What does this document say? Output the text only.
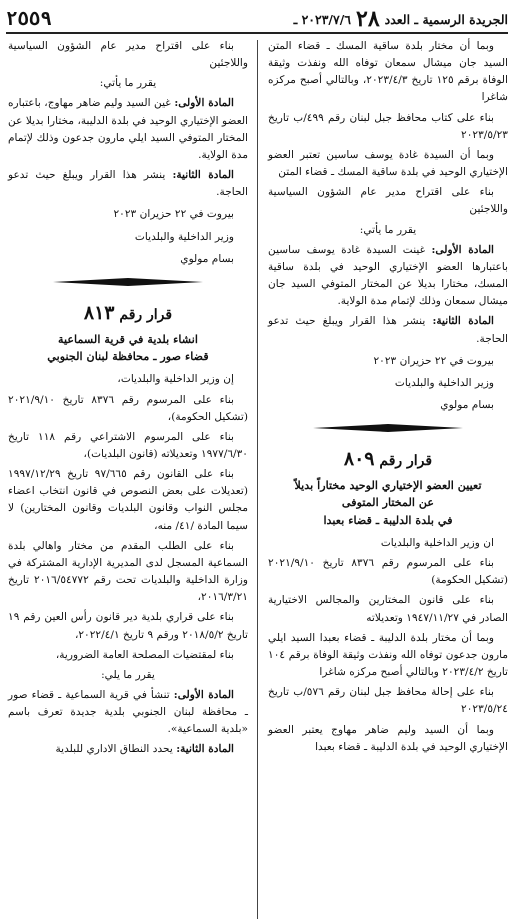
الجريدة الرسمية ـ العدد
٢٨
٢٠٢٣/٧/٦ ـ
٢٥٥٩

وبما أن مختار بلدة ساقية المسك ـ قضاء المتن السيد جان ميشال سمعان توفاه الله ونفذت وثيقة الوفاة برقم ١٢٥ تاريخ ٢٠٢٣/٤/٣، وبالتالي أصبح مركزه شاغرا

بناء على كتاب محافظ جبل لبنان رقم ٤٩٩/ب تاريخ ٢٠٢٣/٥/٢٣

وبما أن السيدة غادة يوسف ساسين تعتبر العضو الإختياري الوحيد في بلدة ساقية المسك ـ قضاء المتن

بناء على اقتراح مدير عام الشؤون السياسية واللاجئين

يقرر ما يأتي:

المادة الأولى: غينت السيدة غادة يوسف ساسين باعتبارها العضو الإختياري الوحيد في بلدة ساقية المسك، مختارا بديلا عن المختار المتوفي السيد جان ميشال سمعان وذلك لإتمام مدة الولاية.

المادة الثانية: ينشر هذا القرار ويبلغ حيث تدعو الحاجة.

بيروت في ٢٢ حزيران ٢٠٢٣

وزير الداخلية والبلديات

بسام مولوي

قرار رقم ٨٠٩

تعيين العضو الإختياري الوحيد مختاراً بديلاً
عن المختار المتوفى
في بلدة الدليبة ـ قضاء بعبدا

ان وزير الداخلية والبلديات

بناء على المرسوم رقم ٨٣٧٦ تاريخ ٢٠٢١/٩/١٠ (تشكيل الحكومة)

بناء على قانون المختارين والمجالس الاختيارية الصادر في ١٩٤٧/١١/٢٧ وتعديلاته

وبما أن مختار بلدة الدليبة ـ قضاء بعبدا السيد ايلي مارون جدعون توفاه الله ونفذت وثيقة الوفاة برقم ١٠٤ تاريخ ٢٠٢٣/٤/٢ وبالتالي أصبح مركزه شاغرا

بناء على إحالة محافظ جبل لبنان رقم ٥٧٦/ب تاريخ ٢٠٢٣/٥/٢٤

وبما أن السيد وليم ضاهر مهاوج يعتبر العضو الإختياري الوحيد في بلدة الدليبة ـ قضاء بعبدا

بناء على اقتراح مدير عام الشؤون السياسية واللاجئين

يقرر ما يأتي:

المادة الأولى: غين السيد وليم ضاهر مهاوج، باعتباره العضو الإختياري الوحيد في بلدة الدليبة، مختارا بديلا عن المختار المتوفي السيد ايلي مارون جدعون وذلك لإتمام مدة الولاية.

المادة الثانية: ينشر هذا القرار ويبلغ حيث تدعو الحاجة.

بيروت في ٢٢ حزيران ٢٠٢٣

وزير الداخلية والبلديات

بسام مولوي

قرار رقم ٨١٣

انشاء بلدية في قرية السماعية
قضاء صور ـ محافظة لبنان الجنوبي

إن وزير الداخلية والبلديات،

بناء على المرسوم رقم ٨٣٧٦ تاريخ ٢٠٢١/٩/١٠ (تشكيل الحكومة)،

بناء على المرسوم الاشتراعي رقم ١١٨ تاريخ ١٩٧٧/٦/٣٠ وتعديلاته (قانون البلديات)،

بناء على القانون رقم ٩٧/٦٦٥ تاريخ ١٩٩٧/١٢/٢٩ (تعديلات على بعض النصوص في قانون انتخاب اعضاء مجلس النواب وقانون البلديات وقانون المختارين) لا سيما المادة /٤١/ منه،

بناء على الطلب المقدم من مختار واهالي بلدة السماعية المسجل لدى المديرية الإدارية المشتركة في وزارة الداخلية والبلديات تحت رقم ٢٠١٦/٥٤٧٧٢ تاريخ ٢٠١٦/٣/٢١،

بناء على قراري بلدية دير قانون رأس العين رقم ١٩ تاريخ ٢٠١٨/٥/٢ ورقم ٩ تاريخ ٢٠٢٢/٤/١،

بناء لمقتضيات المصلحة العامة الضرورية،

يقرر ما يلي:

المادة الأولى: تنشأ في قرية السماعية ـ قضاء صور ـ محافظة لبنان الجنوبي بلدية جديدة تعرف باسم «بلدية السماعية».

المادة الثانية: يحدد النطاق الاداري للبلدية
